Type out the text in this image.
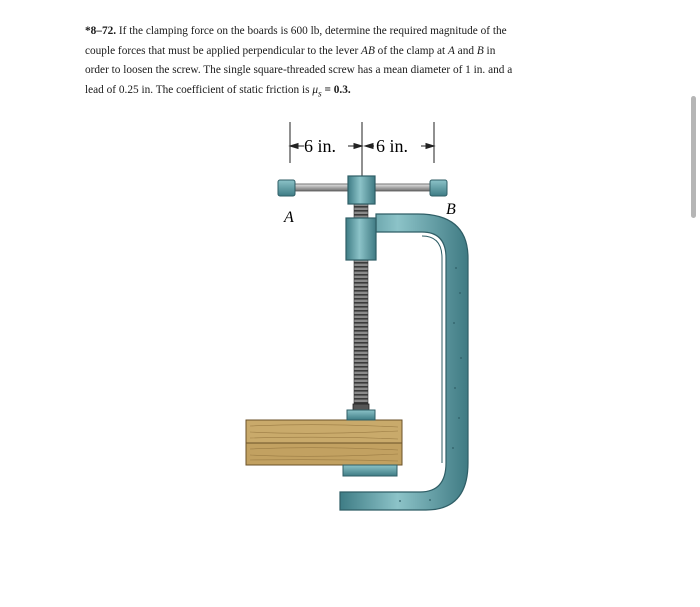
*8–72. If the clamping force on the boards is 600 lb, determine the required magnitude of the
couple forces that must be applied perpendicular to the lever AB of the clamp at A and B in
order to loosen the screw. The single square-threaded screw has a mean diameter of 1 in. and a
lead of 0.25 in. The coefficient of static friction is $\mu_s = 0.3$.
6 in. 6 in.
A	B
